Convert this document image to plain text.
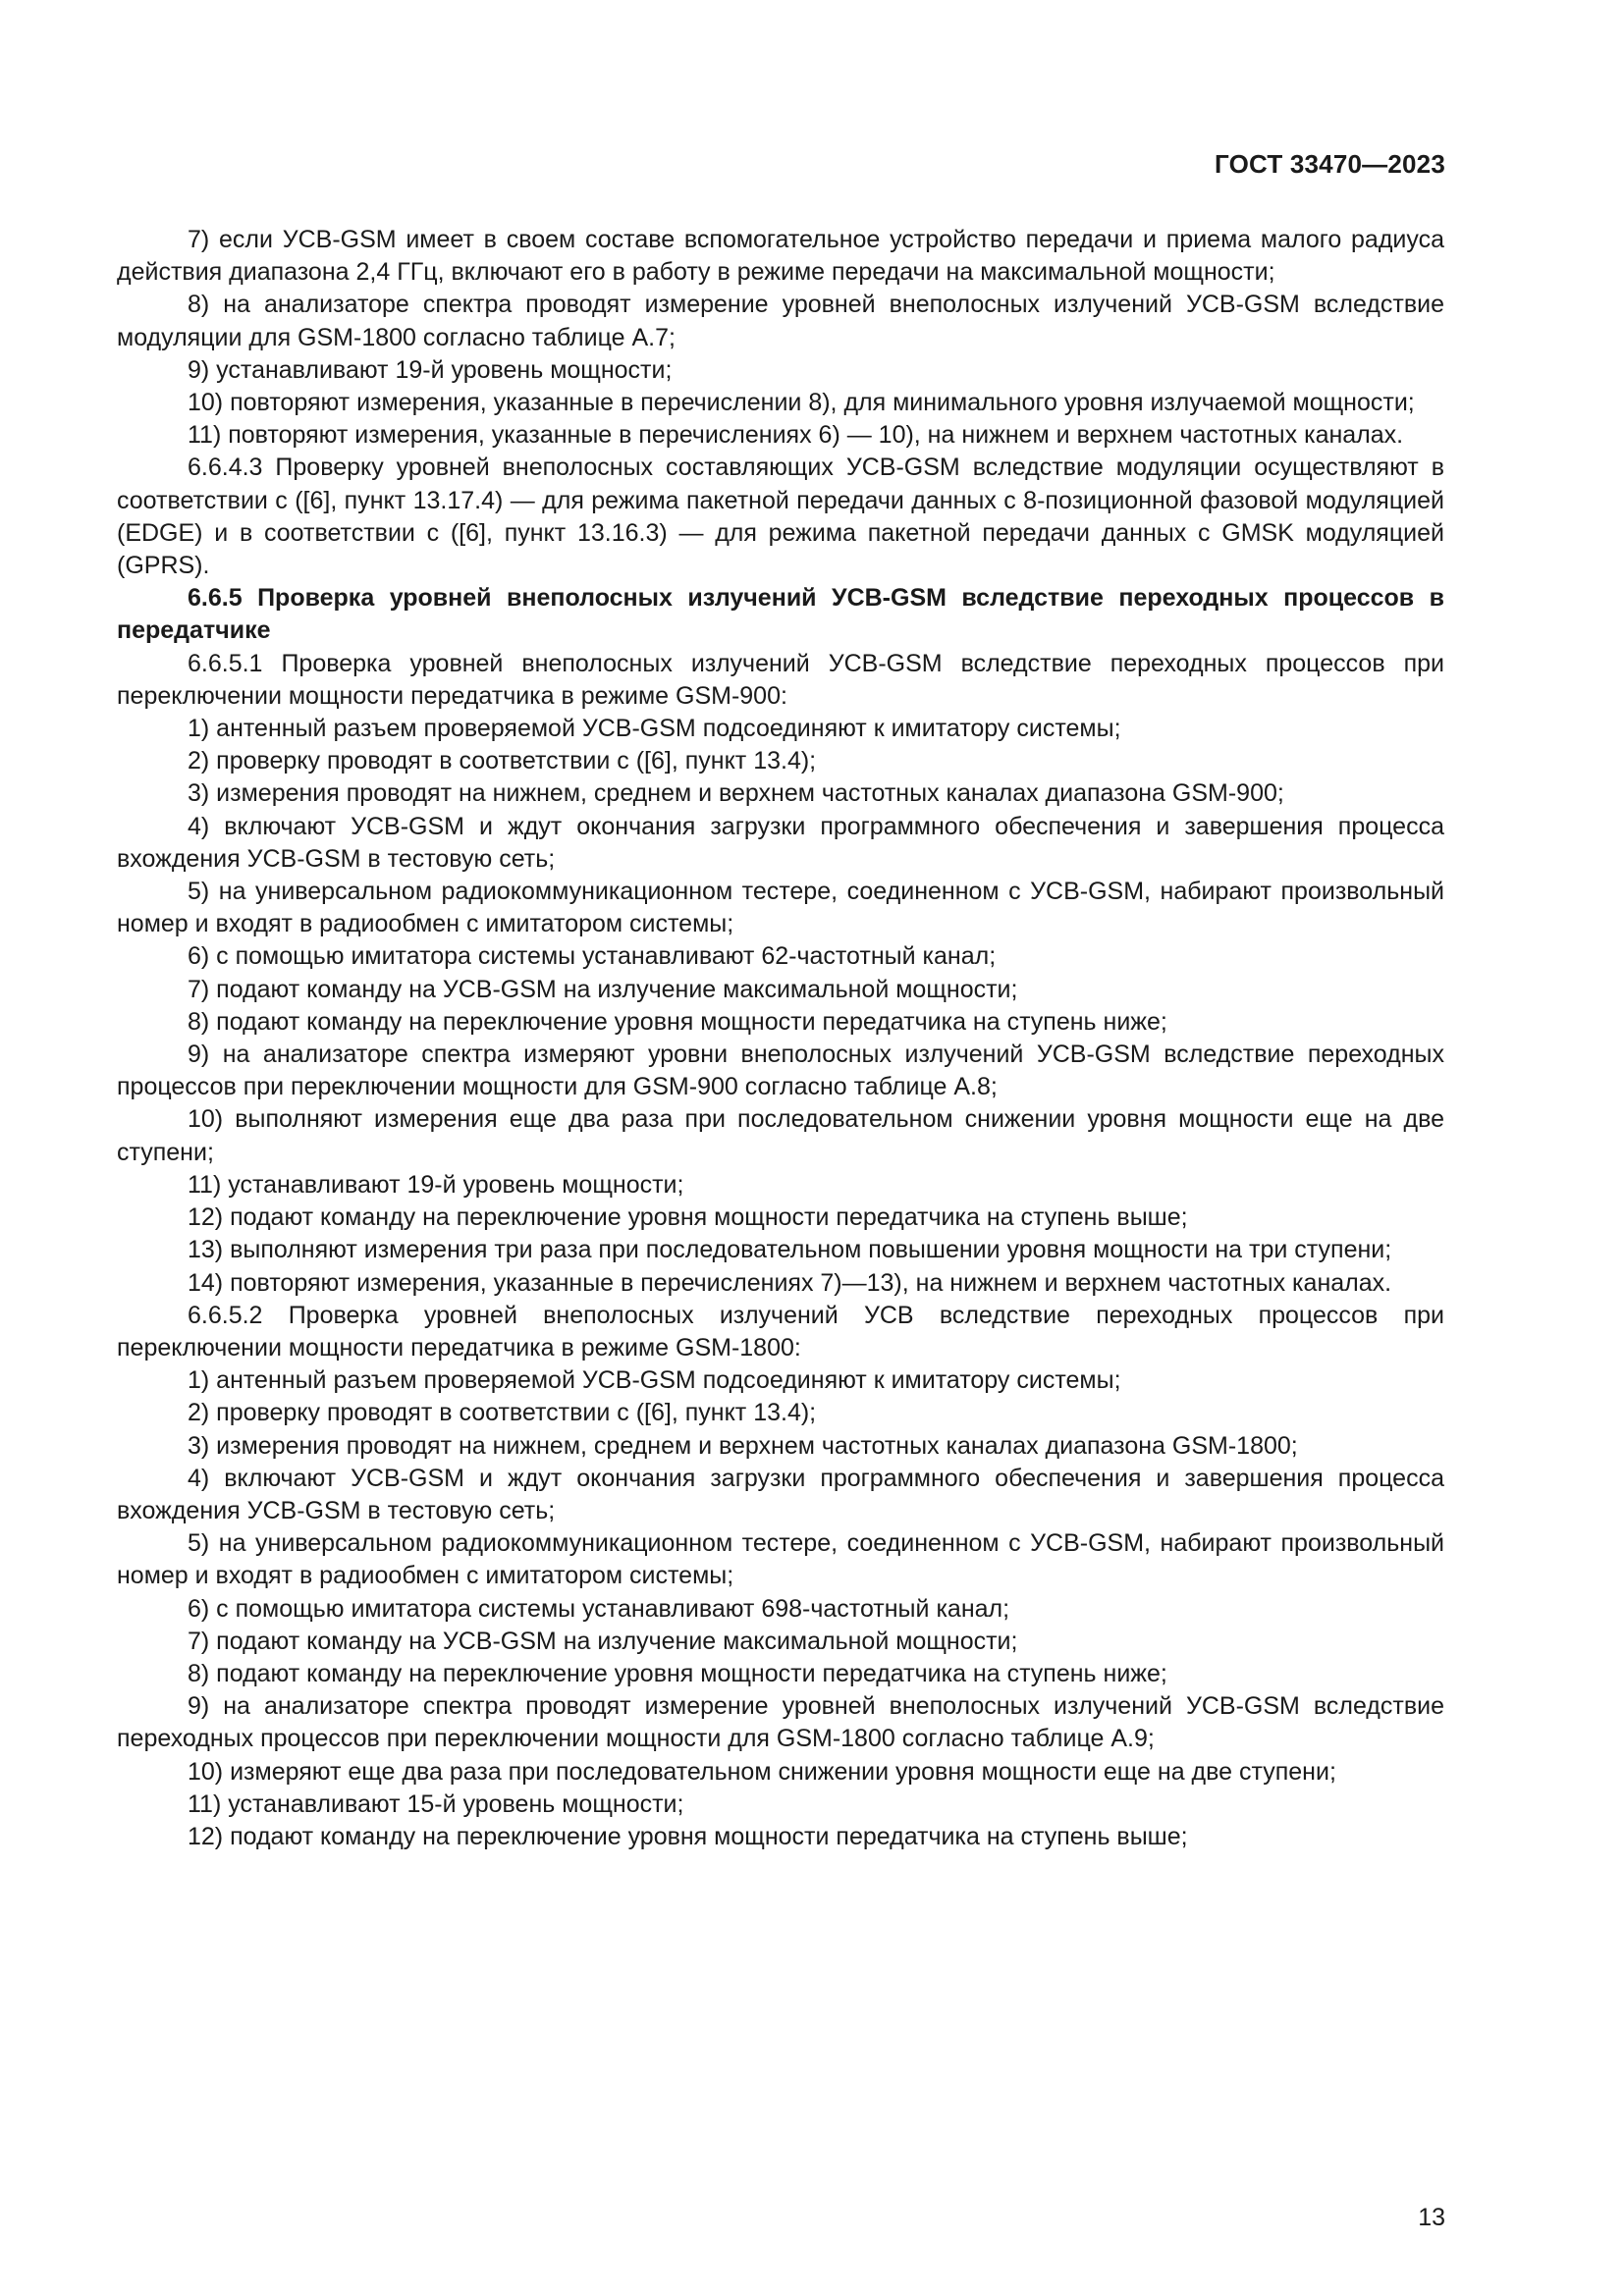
ГОСТ 33470—2023

7) если УСВ-GSM имеет в своем составе вспомогательное устройство передачи и приема малого радиуса действия диапазона 2,4 ГГц, включают его в работу в режиме передачи на максимальной мощности;

8) на анализаторе спектра проводят измерение уровней внеполосных излучений УСВ-GSM вследствие модуляции для GSM-1800 согласно таблице А.7;

9) устанавливают 19-й уровень мощности;

10) повторяют измерения, указанные в перечислении 8), для минимального уровня излучаемой мощности;

11) повторяют измерения, указанные в перечислениях 6) — 10), на нижнем и верхнем частотных каналах.

6.6.4.3 Проверку уровней внеполосных составляющих УСВ-GSM вследствие модуляции осуществляют в соответствии с ([6], пункт 13.17.4) — для режима пакетной передачи данных с 8-позиционной фазовой модуляцией (EDGE) и в соответствии с ([6], пункт 13.16.3) — для режима пакетной передачи данных с GMSK модуляцией (GPRS).

6.6.5 Проверка уровней внеполосных излучений УСВ-GSM вследствие переходных процессов в передатчике

6.6.5.1 Проверка уровней внеполосных излучений УСВ-GSM вследствие переходных процессов при переключении мощности передатчика в режиме GSM-900:

1) антенный разъем проверяемой УСВ-GSM подсоединяют к имитатору системы;

2) проверку проводят в соответствии с ([6], пункт 13.4);

3) измерения проводят на нижнем, среднем и верхнем частотных каналах диапазона GSM-900;

4) включают УСВ-GSM и ждут окончания загрузки программного обеспечения и завершения процесса вхождения УСВ-GSM в тестовую сеть;

5) на универсальном радиокоммуникационном тестере, соединенном с УСВ-GSM, набирают произвольный номер и входят в радиообмен с имитатором системы;

6) с помощью имитатора системы устанавливают 62-частотный канал;

7) подают команду на УСВ-GSM на излучение максимальной мощности;

8) подают команду на переключение уровня мощности передатчика на ступень ниже;

9) на анализаторе спектра измеряют уровни внеполосных излучений УСВ-GSM вследствие переходных процессов при переключении мощности для GSM-900 согласно таблице А.8;

10) выполняют измерения еще два раза при последовательном снижении уровня мощности еще на две ступени;

11) устанавливают 19-й уровень мощности;

12) подают команду на переключение уровня мощности передатчика на ступень выше;

13) выполняют измерения три раза при последовательном повышении уровня мощности на три ступени;

14) повторяют измерения, указанные в перечислениях 7)—13), на нижнем и верхнем частотных каналах.

6.6.5.2 Проверка уровней внеполосных излучений УСВ вследствие переходных процессов при переключении мощности передатчика в режиме GSM-1800:

1) антенный разъем проверяемой УСВ-GSM подсоединяют к имитатору системы;

2) проверку проводят в соответствии с ([6], пункт 13.4);

3) измерения проводят на нижнем, среднем и верхнем частотных каналах диапазона GSM-1800;

4) включают УСВ-GSM и ждут окончания загрузки программного обеспечения и завершения процесса вхождения УСВ-GSM в тестовую сеть;

5) на универсальном радиокоммуникационном тестере, соединенном с УСВ-GSM, набирают произвольный номер и входят в радиообмен с имитатором системы;

6) с помощью имитатора системы устанавливают 698-частотный канал;

7) подают команду на УСВ-GSM на излучение максимальной мощности;

8) подают команду на переключение уровня мощности передатчика на ступень ниже;

9) на анализаторе спектра проводят измерение уровней внеполосных излучений УСВ-GSM вследствие переходных процессов при переключении мощности для GSM-1800 согласно таблице А.9;

10) измеряют еще два раза при последовательном снижении уровня мощности еще на две ступени;

11) устанавливают 15-й уровень мощности;

12) подают команду на переключение уровня мощности передатчика на ступень выше;

13
